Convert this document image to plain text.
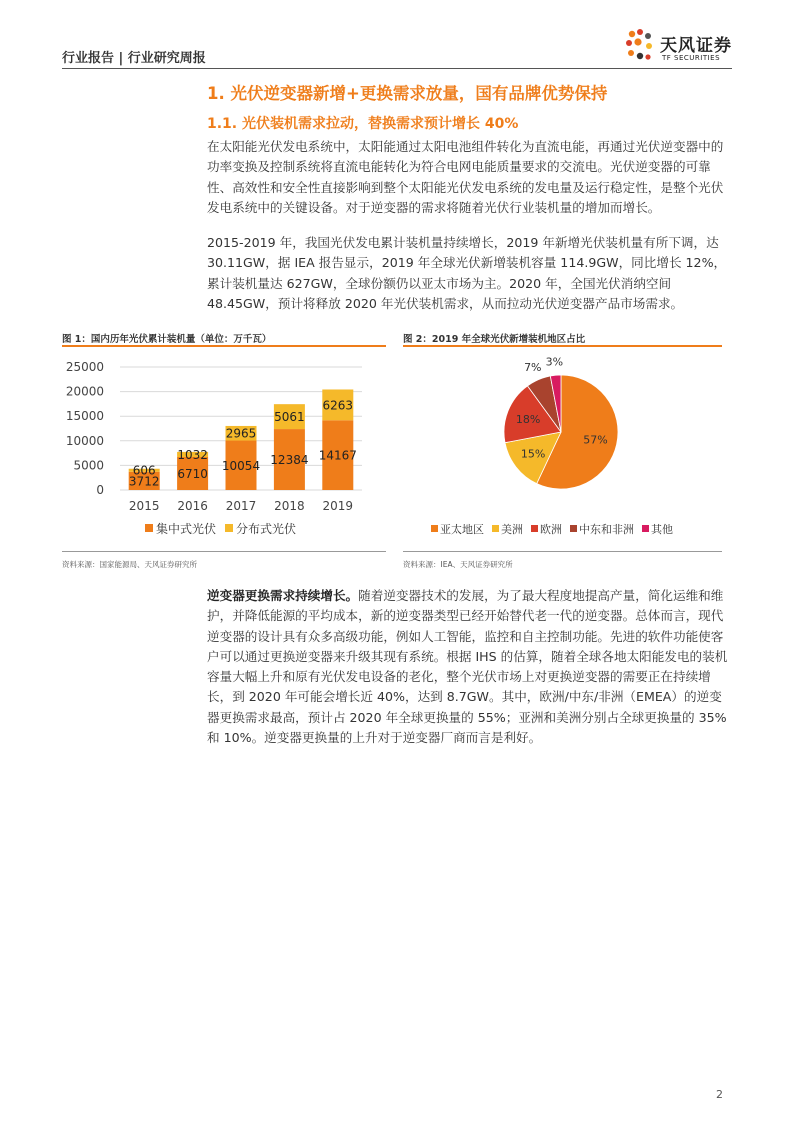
行业报告 | 行业研究周报
天风证券
TF SECURITIES
1. 光伏逆变器新增+更换需求放量，国有品牌优势保持
1.1. 光伏装机需求拉动，替换需求预计增长 40%

在太阳能光伏发电系统中，太阳能通过太阳电池组件转化为直流电能，再通过光伏逆变器中的功率变换及控制系统将直流电能转化为符合电网电能质量要求的交流电。光伏逆变器的可靠性、高效性和安全性直接影响到整个太阳能光伏发电系统的发电量及运行稳定性，是整个光伏发电系统中的关键设备。对于逆变器的需求将随着光伏行业装机量的增加而增长。

2015-2019 年，我国光伏发电累计装机量持续增长，2019 年新增光伏装机量有所下调，达 30.11GW，据 IEA 报告显示，2019 年全球光伏新增装机容量 114.9GW，同比增长 12%，累计装机量达 627GW，全球份额仍以亚太市场为主。2020 年，全国光伏消纳空间 48.45GW，预计将释放 2020 年光伏装机需求，从而拉动光伏逆变器产品市场需求。

图 1：国内历年光伏累计装机量（单位：万千瓦）
0
5000
10000
15000
20000
25000
3712
606 6710
1032
10054
2965
12384
5061
14167
6263
2015 2016 2017 2018 2019
集中式光伏 分布式光伏
资料来源：国家能源局、天风证券研究所
图 2：2019 年全球光伏新增装机地区占比
57%
15%
18%
7% 3%
亚太地区 美洲 欧洲 中东和非洲 其他
资料来源：IEA、天风证券研究所

逆变器更换需求持续增长。随着逆变器技术的发展，为了最大程度地提高产量，简化运维和维护，并降低能源的平均成本，新的逆变器类型已经开始替代老一代的逆变器。总体而言，现代逆变器的设计具有众多高级功能，例如人工智能，监控和自主控制功能。先进的软件功能使客户可以通过更换逆变器来升级其现有系统。根据 IHS 的估算，随着全球各地太阳能发电的装机容量大幅上升和原有光伏发电设备的老化，整个光伏市场上对更换逆变器的需要正在持续增长，到 2020 年可能会增长近 40%，达到 8.7GW。其中，欧洲/中东/非洲（EMEA）的逆变器更换需求最高，预计占 2020 年全球更换量的 55%；亚洲和美洲分别占全球更换量的 35%和 10%。逆变器更换量的上升对于逆变器厂商而言是利好。

2
